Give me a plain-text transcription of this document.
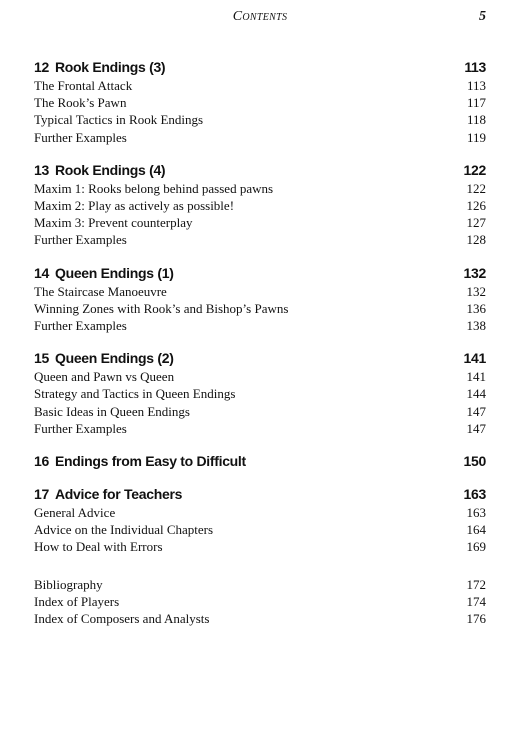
Contents	5
12 Rook Endings (3)	113
The Frontal Attack	113
The Rook’s Pawn	117
Typical Tactics in Rook Endings	118
Further Examples	119
13 Rook Endings (4)	122
Maxim 1: Rooks belong behind passed pawns	122
Maxim 2: Play as actively as possible!	126
Maxim 3: Prevent counterplay	127
Further Examples	128
14 Queen Endings (1)	132
The Staircase Manoeuvre	132
Winning Zones with Rook’s and Bishop’s Pawns	136
Further Examples	138
15 Queen Endings (2)	141
Queen and Pawn vs Queen	141
Strategy and Tactics in Queen Endings	144
Basic Ideas in Queen Endings	147
Further Examples	147
16 Endings from Easy to Difficult	150
17 Advice for Teachers	163
General Advice	163
Advice on the Individual Chapters	164
How to Deal with Errors	169
Bibliography	172
Index of Players	174
Index of Composers and Analysts	176
